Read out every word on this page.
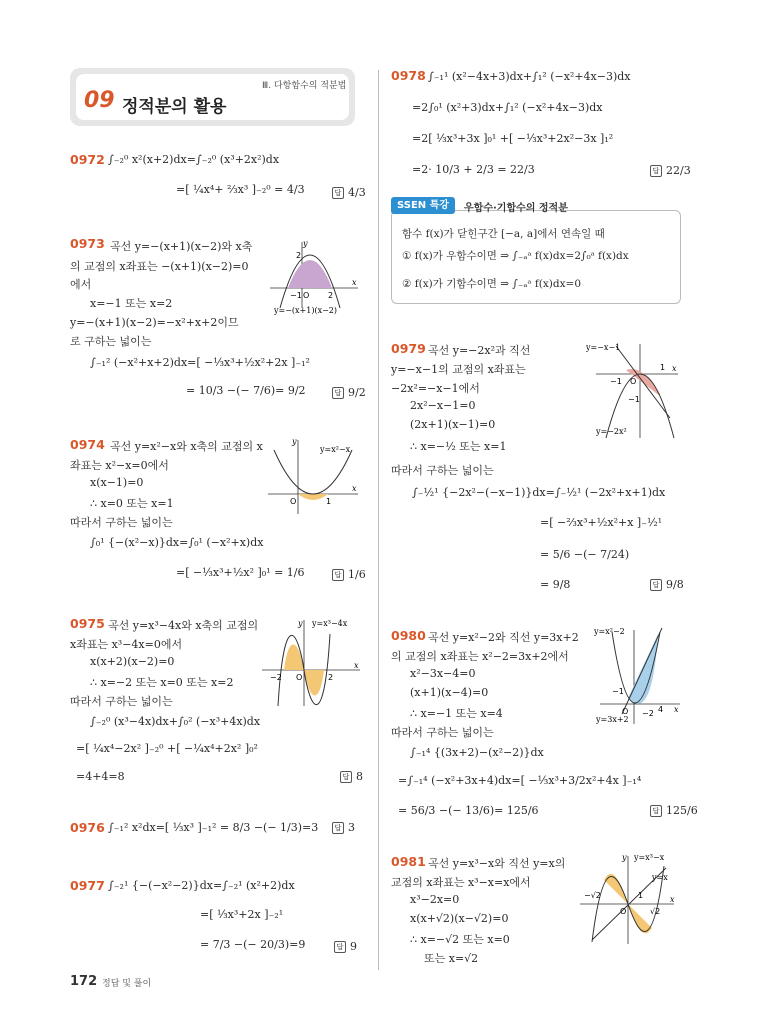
09 정적분의 활용
Ⅲ. 다항함수의 적분법
0972 ∫₋₂⁰ x²(x+2)dx=∫₋₂⁰ (x³+2x²)dx
=[ ¼x⁴+ ⅔x³ ]₋₂⁰ = 4/3	답 4/3
0973 곡선 y=−(x+1)(x−2)와 x축
의 교점의 x좌표는 −(x+1)(x−2)=0
에서
x=−1 또는 x=2
y=−(x+1)(x−2)=−x²+x+2이므
로 구하는 넓이는
∫₋₁² (−x²+x+2)dx=[ −⅓x³+½x²+2x ]₋₁²
= 10/3 −(− 7/6)= 9/2	답 9/2
−1 O 2
2
y
x
y=−(x+1)(x−2)
0974 곡선 y=x²−x와 x축의 교점의 x
좌표는 x²−x=0에서
x(x−1)=0
∴ x=0 또는 x=1
따라서 구하는 넓이는
∫₀¹ {−(x²−x)}dx=∫₀¹ (−x²+x)dx
=[ −⅓x³+½x² ]₀¹ = 1/6	답 1/6
O	1
y
x
y=x²−x
0975 곡선 y=x³−4x와 x축의 교점의
x좌표는 x³−4x=0에서
x(x+2)(x−2)=0
∴ x=−2 또는 x=0 또는 x=2
따라서 구하는 넓이는
∫₋₂⁰ (x³−4x)dx+∫₀² (−x³+4x)dx
=[ ¼x⁴−2x² ]₋₂⁰ +[ −¼x⁴+2x² ]₀²
=4+4=8	답 8
−2 O	2
y
x
y=x³−4x
0976 ∫₋₁² x²dx=[ ⅓x³ ]₋₁² = 8/3 −(− 1/3)=3	답 3
0977 ∫₋₂¹ {−(−x²−2)}dx=∫₋₂¹ (x²+2)dx
=[ ⅓x³+2x ]₋₂¹
= 7/3 −(− 20/3)=9	답 9
0978 ∫₋₁¹ (x²−4x+3)dx+∫₁² (−x²+4x−3)dx
=2∫₀¹ (x²+3)dx+∫₁² (−x²+4x−3)dx
=2[ ⅓x³+3x ]₀¹ +[ −⅓x³+2x²−3x ]₁²
=2· 10/3 + 2/3 = 22/3	답 22/3
SSEN 특강	우함수·기함수의 정적분
함수 f(x)가 닫힌구간 [−a, a]에서 연속일 때
① f(x)가 우함수이면 ⇒ ∫₋ₐᵃ f(x)dx=2∫₀ᵃ f(x)dx
② f(x)가 기함수이면 ⇒ ∫₋ₐᵃ f(x)dx=0
0979 곡선 y=−2x²과 직선
y=−x−1의 교점의 x좌표는
−2x²=−x−1에서
2x²−x−1=0
(2x+1)(x−1)=0
∴ x=−½ 또는 x=1
따라서 구하는 넓이는
∫₋½¹ {−2x²−(−x−1)}dx=∫₋½¹ (−2x²+x+1)dx
=[ −⅔x³+½x²+x ]₋½¹
= 5/6 −(− 7/24)
= 9/8	답 9/8
O
1
−1
−1
x
y=−x−1
y=−2x²
0980 곡선 y=x²−2와 직선 y=3x+2
의 교점의 x좌표는 x²−2=3x+2에서
x²−3x−4=0
(x+1)(x−4)=0
∴ x=−1 또는 x=4
따라서 구하는 넓이는
∫₋₁⁴ {(3x+2)−(x²−2)}dx
=∫₋₁⁴ (−x²+3x+4)dx=[ −⅓x³+3/2x²+4x ]₋₁⁴
= 56/3 −(− 13/6)= 125/6	답 125/6
−1
O	4
−2	x
y=x²−2
y=3x+2
0981 곡선 y=x³−x와 직선 y=x의
교점의 x좌표는 x³−x=x에서
x³−2x=0
x(x+√2)(x−√2)=0
∴ x=−√2 또는 x=0
또는 x=√2
−√2
O	√2
1
y
x
y=x³−x
y=x
172 정답 및 풀이
